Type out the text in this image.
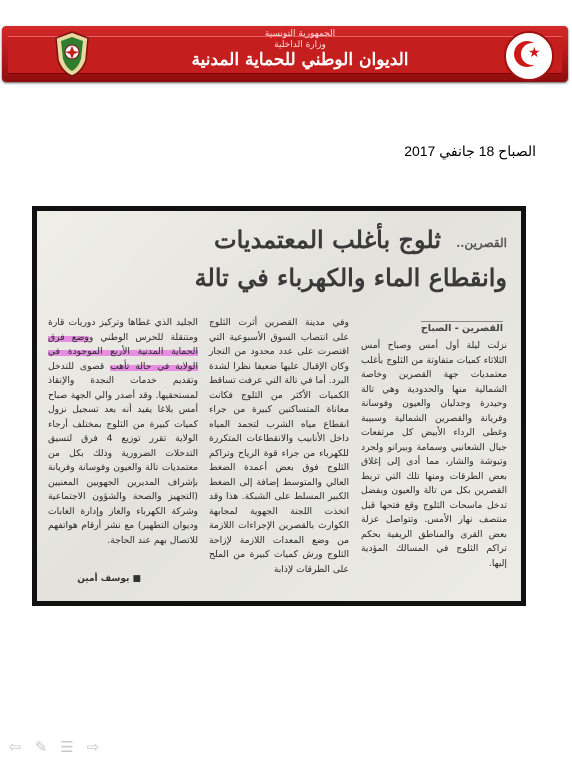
الجمهورية التونسية
وزارة الداخلية
الديوان الوطني للحماية المدنية	★
الصباح 18 جانفي 2017
القصرين..
ثلوج بأغلب المعتمديات
وانقطاع الماء والكهرباء في تالة
القصرين - الصباح
نزلت ليلة أول أمس وصباح أمس الثلاثاء كميات متفاوتة من الثلوج بأغلب معتمديات جهة القصرين وخاصة الشمالية منها والحدودية وهي تالة وحيدرة وجدليان والعيون وفوسانة وفريانة والقصرين الشمالية وسبيبة وغطى الرداء الأبيض كل مرتفعات جبال الشعانبي وسمامة وبيرانو ولجرد وتيوشة والشار، مما أدى إلى إغلاق بعض الطرقات ومنها تلك التي تربط القصرين بكل من تالة والعيون وبفضل تدخل ماسحات الثلوج وقع فتحها قبل منتصف نهار الأمس. وتتواصل عزلة بعض القرى والمناطق الريفية بحكم تراكم الثلوج في المسالك المؤدية إليها.
وفي مدينة القصرين أثرت الثلوج على انتصاب السوق الأسبوعية التي اقتصرت على عدد محدود من التجار وكان الإقبال عليها ضعيفا نظرا لشدة البرد. أما في تالة التي عرفت تساقط الكميات الأكثر من الثلوج فكانت معاناة المتساكنين كبيرة من جراء انقطاع مياه الشرب لتجمد المياه داخل الأنابيب والانقطاعات المتكررة للكهرباء من جراء قوة الرياح وتراكم الثلوج فوق بعض أعمدة الضغط العالي والمتوسط إضافة إلى الضغط الكبير المسلط على الشبكة. هذا وقد اتخذت اللجنة الجهوية لمجابهة الكوارث بالقصرين الإجراءات اللازمة من وضع المعدات اللازمة لإزاحة الثلوج ورش كميات كبيرة من الملح على الطرقات لإذابة
الجليد الذي غطاها وتركيز دوريات قارة ومتنقلة للحرس الوطني ووضع فرق الحماية المدنية الأربع الموجودة في الولاية في حالة تأهب قصوى للتدخل وتقديم خدمات النجدة والإنقاذ لمستحقيها. وقد أصدر والي الجهة صباح أمس بلاغا يفيد أنه بعد تسجيل نزول كميات كبيرة من الثلوج بمختلف أرجاء الولاية تقرر توزيع 4 فرق لتسيق التدخلات الضرورية وذلك بكل من معتمديات تالة والعيون وفوسانة وفريانة بإشراف المديرين الجهويين المعنيين (التجهيز والصحة والشؤون الاجتماعية وشركة الكهرباء والغاز وإدارة الغابات وديوان التطهير) مع نشر أرقام هواتفهم للاتصال بهم عند الحاجة.
■ يوسف أمين
⇦ ✎ ☰ ⇨
